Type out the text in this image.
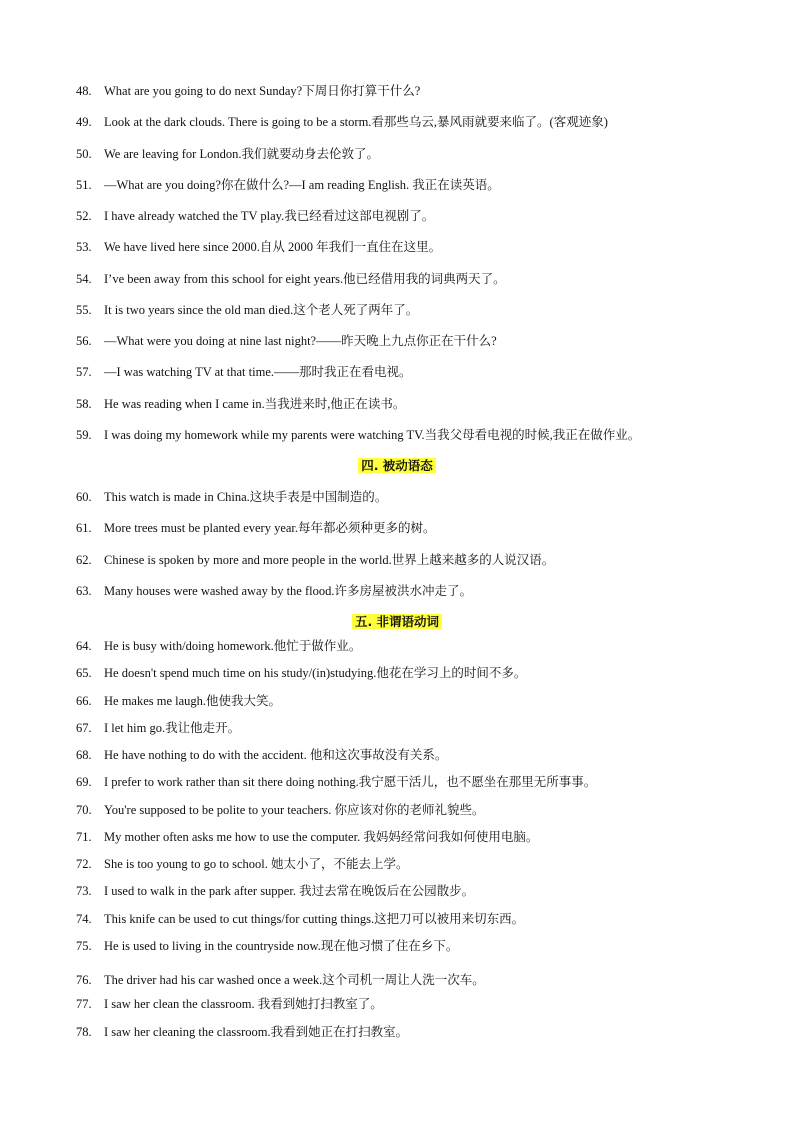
48. What are you going to do next Sunday?下周日你打算干什么?
49. Look at the dark clouds. There is going to be a storm.看那些乌云,暴风雨就要来临了。(客观迹象)
50. We are leaving for London.我们就要动身去伦敦了。
51. —What are you doing?你在做什么?—I am reading English. 我正在读英语。
52. I have already watched the TV play.我已经看过这部电视剧了。
53. We have lived here since 2000.自从 2000 年我们一直住在这里。
54. I’ve been away from this school for eight years.他已经借用我的词典两天了。
55. It is two years since the old man died.这个老人死了两年了。
56. —What were you doing at nine last night?——昨天晚上九点你正在干什么?
57. —I was watching TV at that time.——那时我正在看电视。
58. He was reading when I came in.当我进来时,他正在读书。
59. I was doing my homework while my parents were watching TV.当我父母看电视的时候,我正在做作业。
四. 被动语态
60. This watch is made in China.这块手表是中国制造的。
61. More trees must be planted every year.每年都必须种更多的树。
62. Chinese is spoken by more and more people in the world.世界上越来越多的人说汉语。
63. Many houses were washed away by the flood.许多房屋被洪水冲走了。
五. 非谓语动词
64. He is busy with/doing homework.他忙于做作业。
65. He doesn't spend much time on his study/(in)studying.他花在学习上的时间不多。
66. He makes me laugh.他使我大笑。
67. I let him go.我让他走开。
68. He have nothing to do with the accident. 他和这次事故没有关系。
69. I prefer to work rather than sit there doing nothing.我宁愿干活儿，也不愿坐在那里无所事事。
70. You're supposed to be polite to your teachers. 你应该对你的老师礼貌些。
71. My mother often asks me how to use the computer. 我妈妈经常问我如何使用电脑。
72. She is too young to go to school. 她太小了，不能去上学。
73. I used to walk in the park after supper. 我过去常在晚饭后在公园散步。
74. This knife can be used to cut things/for cutting things.这把刀可以被用来切东西。
75. He is used to living in the countryside now.现在他习惯了住在乡下。
76. The driver had his car washed once a week.这个司机一周让人洗一次车。
77. I saw her clean the classroom. 我看到她打扫教室了。
78. I saw her cleaning the classroom.我看到她正在打扫教室。
